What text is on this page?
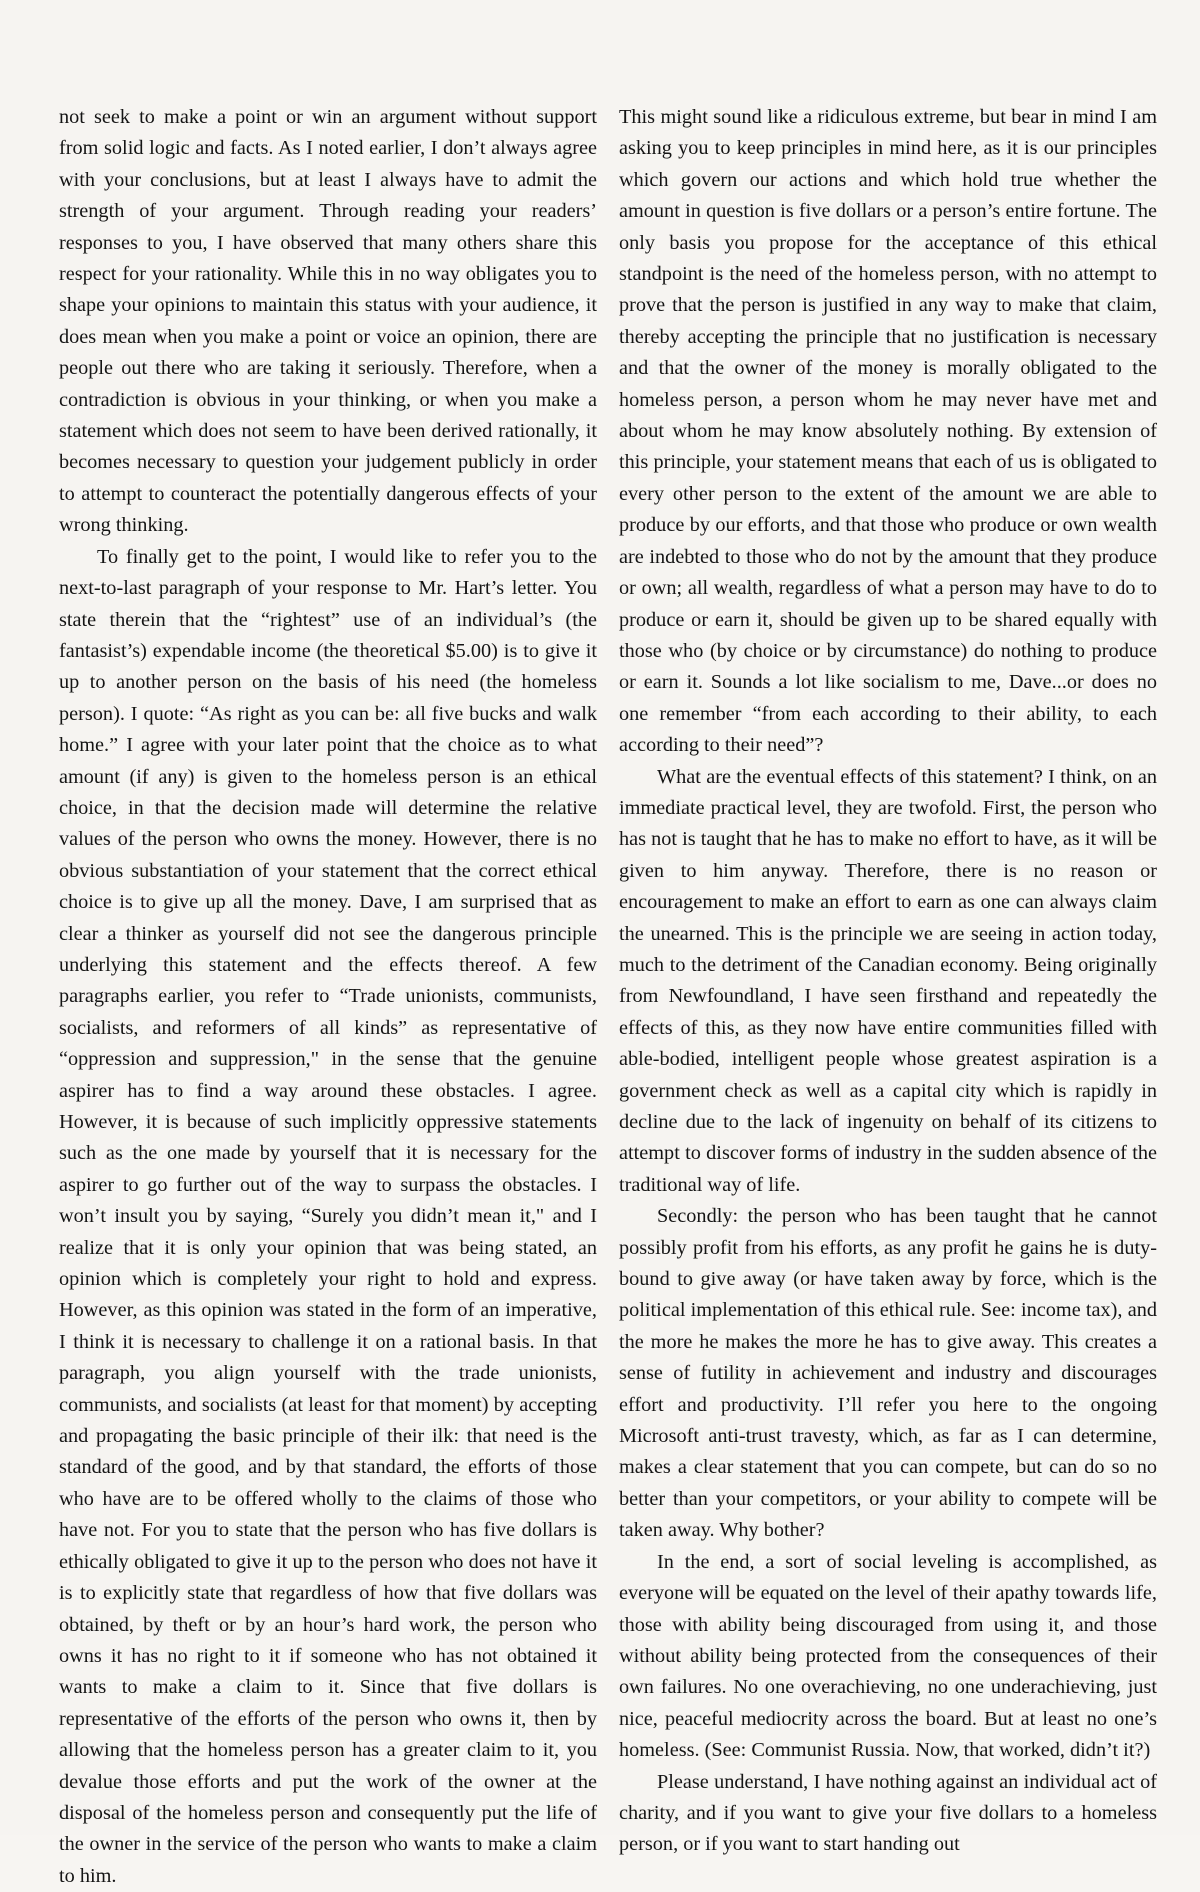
not seek to make a point or win an argument without support from solid logic and facts. As I noted earlier, I don’t always agree with your conclusions, but at least I always have to admit the strength of your argument. Through reading your readers’ responses to you, I have observed that many others share this respect for your rationality. While this in no way obligates you to shape your opinions to maintain this status with your audience, it does mean when you make a point or voice an opinion, there are people out there who are taking it seriously. Therefore, when a contradiction is obvious in your thinking, or when you make a statement which does not seem to have been derived rationally, it becomes necessary to question your judgement publicly in order to attempt to counteract the potentially dangerous effects of your wrong thinking.

To finally get to the point, I would like to refer you to the next-to-last paragraph of your response to Mr. Hart’s letter. You state therein that the “rightest” use of an individual’s (the fantasist’s) expendable income (the theoretical $5.00) is to give it up to another person on the basis of his need (the homeless person). I quote: “As right as you can be: all five bucks and walk home.” I agree with your later point that the choice as to what amount (if any) is given to the homeless person is an ethical choice, in that the decision made will determine the relative values of the person who owns the money. However, there is no obvious substantiation of your statement that the correct ethical choice is to give up all the money. Dave, I am surprised that as clear a thinker as yourself did not see the dangerous principle underlying this statement and the effects thereof. A few paragraphs earlier, you refer to “Trade unionists, communists, socialists, and reformers of all kinds” as representative of “oppression and suppression," in the sense that the genuine aspirer has to find a way around these obstacles. I agree. However, it is because of such implicitly oppressive statements such as the one made by yourself that it is necessary for the aspirer to go further out of the way to surpass the obstacles. I won’t insult you by saying, “Surely you didn’t mean it," and I realize that it is only your opinion that was being stated, an opinion which is completely your right to hold and express. However, as this opinion was stated in the form of an imperative, I think it is necessary to challenge it on a rational basis. In that paragraph, you align yourself with the trade unionists, communists, and socialists (at least for that moment) by accepting and propagating the basic principle of their ilk: that need is the standard of the good, and by that standard, the efforts of those who have are to be offered wholly to the claims of those who have not. For you to state that the person who has five dollars is ethically obligated to give it up to the person who does not have it is to explicitly state that regardless of how that five dollars was obtained, by theft or by an hour’s hard work, the person who owns it has no right to it if someone who has not obtained it wants to make a claim to it. Since that five dollars is representative of the efforts of the person who owns it, then by allowing that the homeless person has a greater claim to it, you devalue those efforts and put the work of the owner at the disposal of the homeless person and consequently put the life of the owner in the service of the person who wants to make a claim to him.

This might sound like a ridiculous extreme, but bear in mind I am asking you to keep principles in mind here, as it is our principles which govern our actions and which hold true whether the amount in question is five dollars or a person’s entire fortune. The only basis you propose for the acceptance of this ethical standpoint is the need of the homeless person, with no attempt to prove that the person is justified in any way to make that claim, thereby accepting the principle that no justification is necessary and that the owner of the money is morally obligated to the homeless person, a person whom he may never have met and about whom he may know absolutely nothing. By extension of this principle, your statement means that each of us is obligated to every other person to the extent of the amount we are able to produce by our efforts, and that those who produce or own wealth are indebted to those who do not by the amount that they produce or own; all wealth, regardless of what a person may have to do to produce or earn it, should be given up to be shared equally with those who (by choice or by circumstance) do nothing to produce or earn it. Sounds a lot like socialism to me, Dave...or does no one remember “from each according to their ability, to each according to their need”?

What are the eventual effects of this statement? I think, on an immediate practical level, they are twofold. First, the person who has not is taught that he has to make no effort to have, as it will be given to him anyway. Therefore, there is no reason or encouragement to make an effort to earn as one can always claim the unearned. This is the principle we are seeing in action today, much to the detriment of the Canadian economy. Being originally from Newfoundland, I have seen firsthand and repeatedly the effects of this, as they now have entire communities filled with able-bodied, intelligent people whose greatest aspiration is a government check as well as a capital city which is rapidly in decline due to the lack of ingenuity on behalf of its citizens to attempt to discover forms of industry in the sudden absence of the traditional way of life.

Secondly: the person who has been taught that he cannot possibly profit from his efforts, as any profit he gains he is duty-bound to give away (or have taken away by force, which is the political implementation of this ethical rule. See: income tax), and the more he makes the more he has to give away. This creates a sense of futility in achievement and industry and discourages effort and productivity. I’ll refer you here to the ongoing Microsoft anti-trust travesty, which, as far as I can determine, makes a clear statement that you can compete, but can do so no better than your competitors, or your ability to compete will be taken away. Why bother?

In the end, a sort of social leveling is accomplished, as everyone will be equated on the level of their apathy towards life, those with ability being discouraged from using it, and those without ability being protected from the consequences of their own failures. No one overachieving, no one underachieving, just nice, peaceful mediocrity across the board. But at least no one’s homeless. (See: Communist Russia. Now, that worked, didn’t it?)

Please understand, I have nothing against an individual act of charity, and if you want to give your five dollars to a homeless person, or if you want to start handing out
